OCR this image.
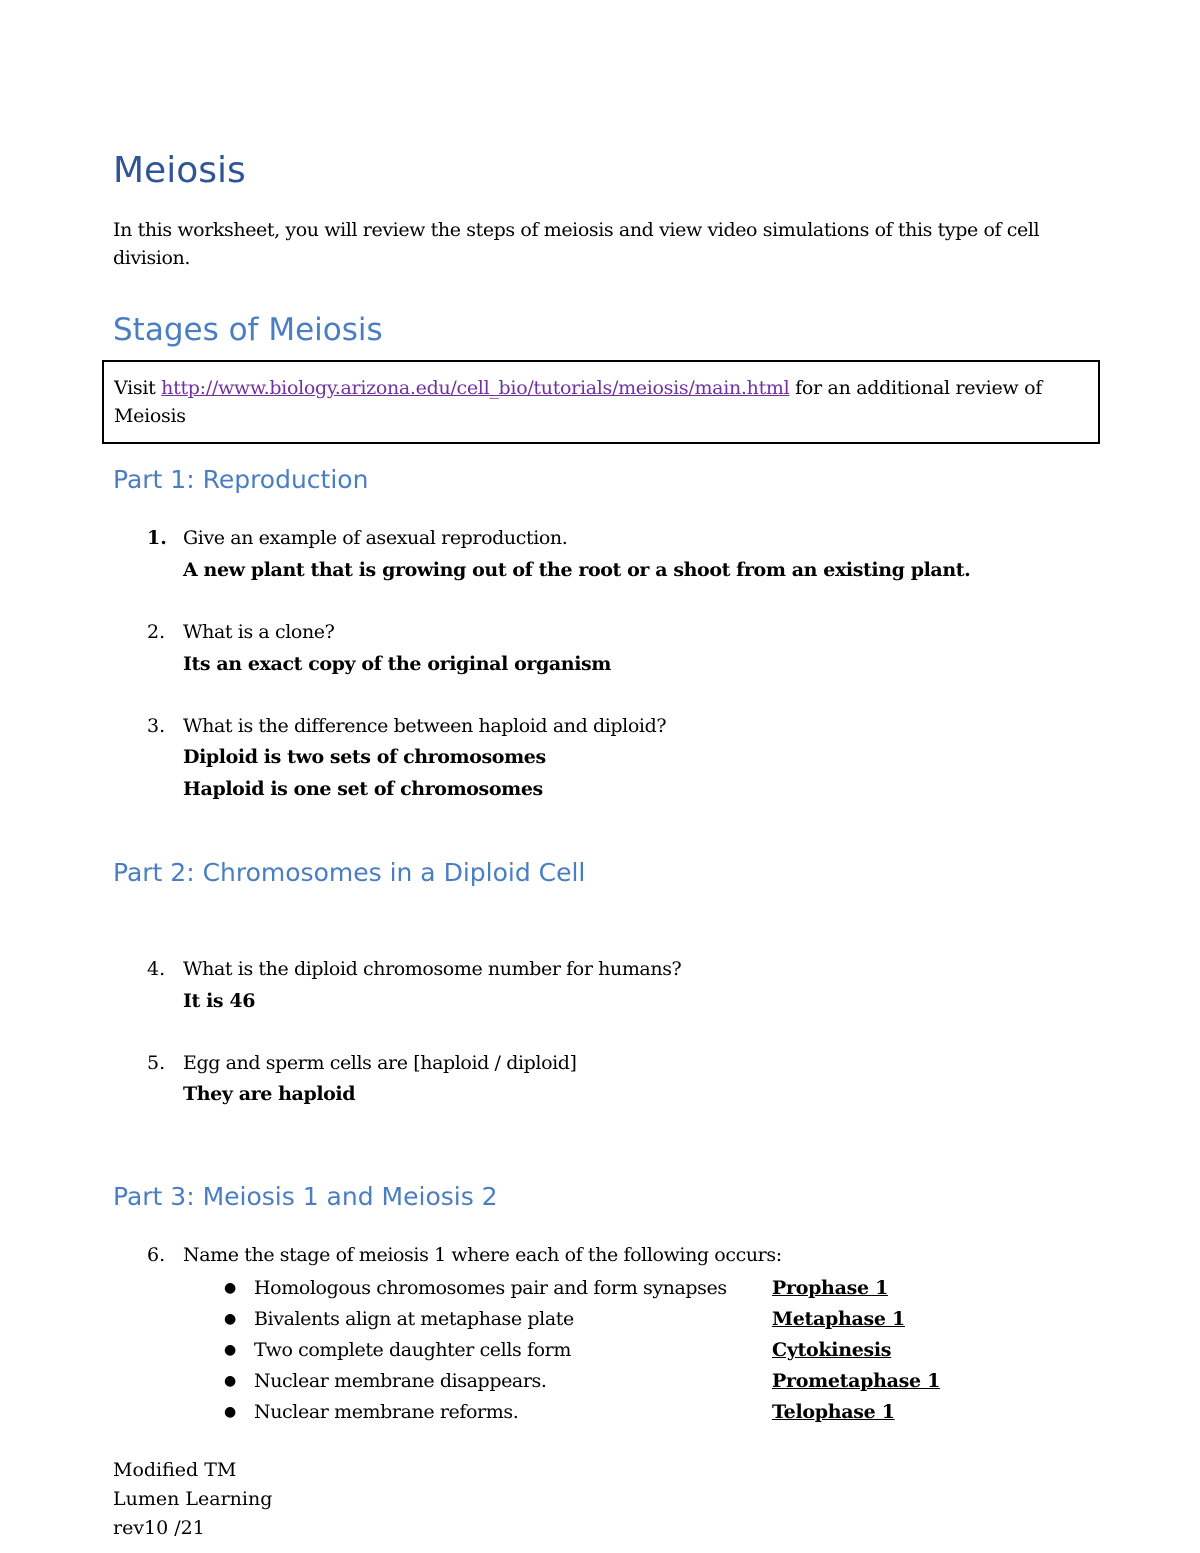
Meiosis
In this worksheet, you will review the steps of meiosis and view video simulations of this type of cell division.
Stages of Meiosis
Visit http://www.biology.arizona.edu/cell_bio/tutorials/meiosis/main.html for an additional review of Meiosis
Part 1: Reproduction
1. Give an example of asexual reproduction.
A new plant that is growing out of the root or a shoot from an existing plant.
2. What is a clone?
Its an exact copy of the original organism
3. What is the difference between haploid and diploid?
Diploid is two sets of chromosomes
Haploid is one set of chromosomes
Part 2: Chromosomes in a Diploid Cell
4. What is the diploid chromosome number for humans?
It is 46
5. Egg and sperm cells are [haploid / diploid]
They are haploid
Part 3: Meiosis 1 and Meiosis 2
6. Name the stage of meiosis 1 where each of the following occurs:
● Homologous chromosomes pair and form synapses Prophase 1
● Bivalents align at metaphase plate	Metaphase 1
● Two complete daughter cells form	Cytokinesis
● Nuclear membrane disappears.	Prometaphase 1
● Nuclear membrane reforms.	Telophase 1
Modified TM
Lumen Learning
rev10 /21
